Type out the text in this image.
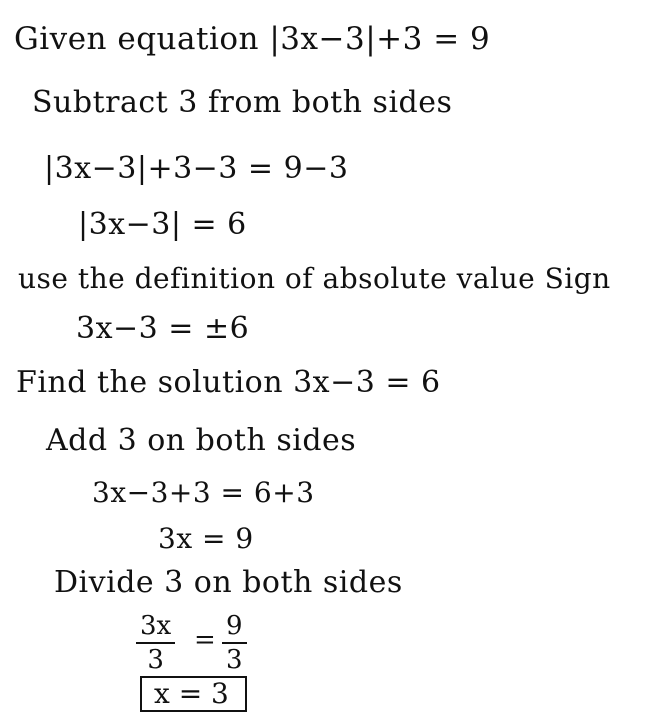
Given equation |3x−3|+3 = 9
Subtract 3 from both sides
|3x−3|+3−3 = 9−3
|3x−3| = 6
use the definition of absolute value Sign
3x−3 = ±6
Find the solution 3x−3 = 6
Add 3 on both sides
3x−3+3 = 6+3
3x = 9
Divide 3 on both sides
$\frac{3x}{3} = \frac{9}{3}$
x = 3
